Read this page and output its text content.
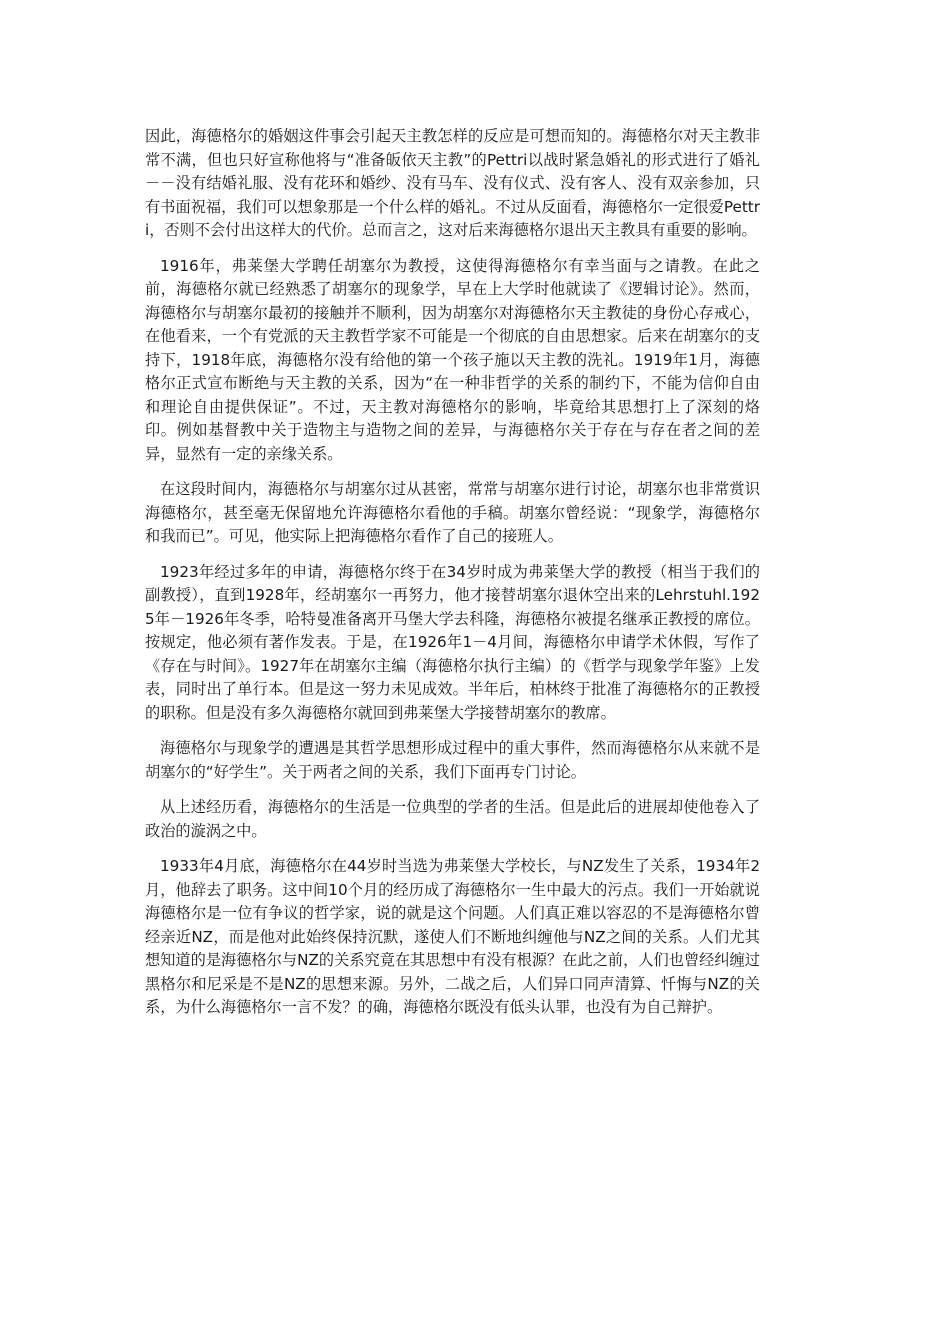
因此，海德格尔的婚姻这件事会引起天主教怎样的反应是可想而知的。海德格尔对天主教非常不满，但也只好宣称他将与“准备皈依天主教”的Pettri以战时紧急婚礼的形式进行了婚礼－－没有结婚礼服、没有花环和婚纱、没有马车、没有仪式、没有客人、没有双亲参加，只有书面祝福，我们可以想象那是一个什么样的婚礼。不过从反面看，海德格尔一定很爱Pettri，否则不会付出这样大的代价。总而言之，这对后来海德格尔退出天主教具有重要的影响。

1916年，弗莱堡大学聘任胡塞尔为教授，这使得海德格尔有幸当面与之请教。在此之前，海德格尔就已经熟悉了胡塞尔的现象学，早在上大学时他就读了《逻辑讨论》。然而，海德格尔与胡塞尔最初的接触并不顺利，因为胡塞尔对海德格尔天主教徒的身份心存戒心，在他看来，一个有党派的天主教哲学家不可能是一个彻底的自由思想家。后来在胡塞尔的支持下，1918年底，海德格尔没有给他的第一个孩子施以天主教的洗礼。1919年1月，海德格尔正式宣布断绝与天主教的关系，因为“在一种非哲学的关系的制约下，不能为信仰自由和理论自由提供保证”。不过，天主教对海德格尔的影响，毕竟给其思想打上了深刻的烙印。例如基督教中关于造物主与造物之间的差异，与海德格尔关于存在与存在者之间的差异，显然有一定的亲缘关系。

在这段时间内，海德格尔与胡塞尔过从甚密，常常与胡塞尔进行讨论，胡塞尔也非常赏识海德格尔，甚至毫无保留地允许海德格尔看他的手稿。胡塞尔曾经说：“现象学，海德格尔和我而已”。可见，他实际上把海德格尔看作了自己的接班人。

1923年经过多年的申请，海德格尔终于在34岁时成为弗莱堡大学的教授（相当于我们的副教授），直到1928年，经胡塞尔一再努力，他才接替胡塞尔退休空出来的Lehrstuhl.1925年－1926年冬季，哈特曼准备离开马堡大学去科隆，海德格尔被提名继承正教授的席位。按规定，他必须有著作发表。于是，在1926年1－4月间，海德格尔申请学术休假，写作了《存在与时间》。1927年在胡塞尔主编（海德格尔执行主编）的《哲学与现象学年鉴》上发表，同时出了单行本。但是这一努力未见成效。半年后，柏林终于批准了海德格尔的正教授的职称。但是没有多久海德格尔就回到弗莱堡大学接替胡塞尔的教席。

海德格尔与现象学的遭遇是其哲学思想形成过程中的重大事件，然而海德格尔从来就不是胡塞尔的“好学生”。关于两者之间的关系，我们下面再专门讨论。

从上述经历看，海德格尔的生活是一位典型的学者的生活。但是此后的进展却使他卷入了政治的漩涡之中。

1933年4月底，海德格尔在44岁时当选为弗莱堡大学校长，与NZ发生了关系，1934年2月，他辞去了职务。这中间10个月的经历成了海德格尔一生中最大的污点。我们一开始就说海德格尔是一位有争议的哲学家，说的就是这个问题。人们真正难以容忍的不是海德格尔曾经亲近NZ，而是他对此始终保持沉默，遂使人们不断地纠缠他与NZ之间的关系。人们尤其想知道的是海德格尔与NZ的关系究竟在其思想中有没有根源？在此之前，人们也曾经纠缠过黑格尔和尼采是不是NZ的思想来源。另外，二战之后，人们异口同声清算、忏悔与NZ的关系，为什么海德格尔一言不发？的确，海德格尔既没有低头认罪，也没有为自己辩护。
